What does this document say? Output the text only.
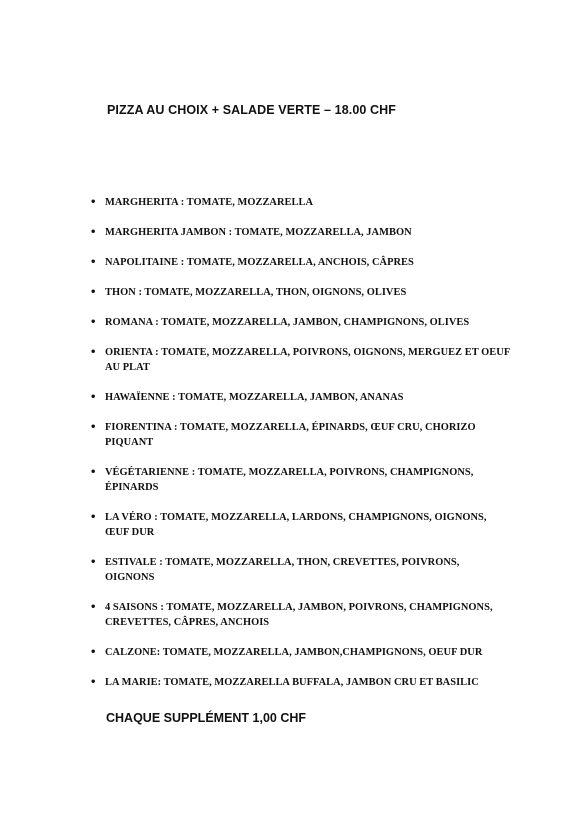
PIZZA AU CHOIX + SALADE VERTE – 18.00 CHF
• MARGHERITA : TOMATE, MOZZARELLA
• MARGHERITA JAMBON : TOMATE, MOZZARELLA, JAMBON
• NAPOLITAINE : TOMATE, MOZZARELLA, ANCHOIS, CÂPRES
• THON : TOMATE, MOZZARELLA, THON, OIGNONS, OLIVES
• ROMANA : TOMATE, MOZZARELLA, JAMBON, CHAMPIGNONS, OLIVES
• ORIENTA : TOMATE, MOZZARELLA, POIVRONS, OIGNONS, MERGUEZ ET OEUF AU PLAT
• HAWAÏENNE : TOMATE, MOZZARELLA, JAMBON, ANANAS
• FIORENTINA : TOMATE, MOZZARELLA, ÉPINARDS, ŒUF CRU, CHORIZO PIQUANT
• VÉGÉTARIENNE : TOMATE, MOZZARELLA, POIVRONS, CHAMPIGNONS, ÉPINARDS
• LA VÉRO : TOMATE, MOZZARELLA, LARDONS, CHAMPIGNONS, OIGNONS, ŒUF DUR
• ESTIVALE : TOMATE, MOZZARELLA, THON, CREVETTES, POIVRONS, OIGNONS
• 4 SAISONS : TOMATE, MOZZARELLA, JAMBON, POIVRONS, CHAMPIGNONS, CREVETTES, CÂPRES, ANCHOIS
• CALZONE: TOMATE, MOZZARELLA, JAMBON,CHAMPIGNONS, OEUF DUR
• LA MARIE: TOMATE, MOZZARELLA BUFFALA, JAMBON CRU ET BASILIC
CHAQUE SUPPLÉMENT 1,00 CHF
